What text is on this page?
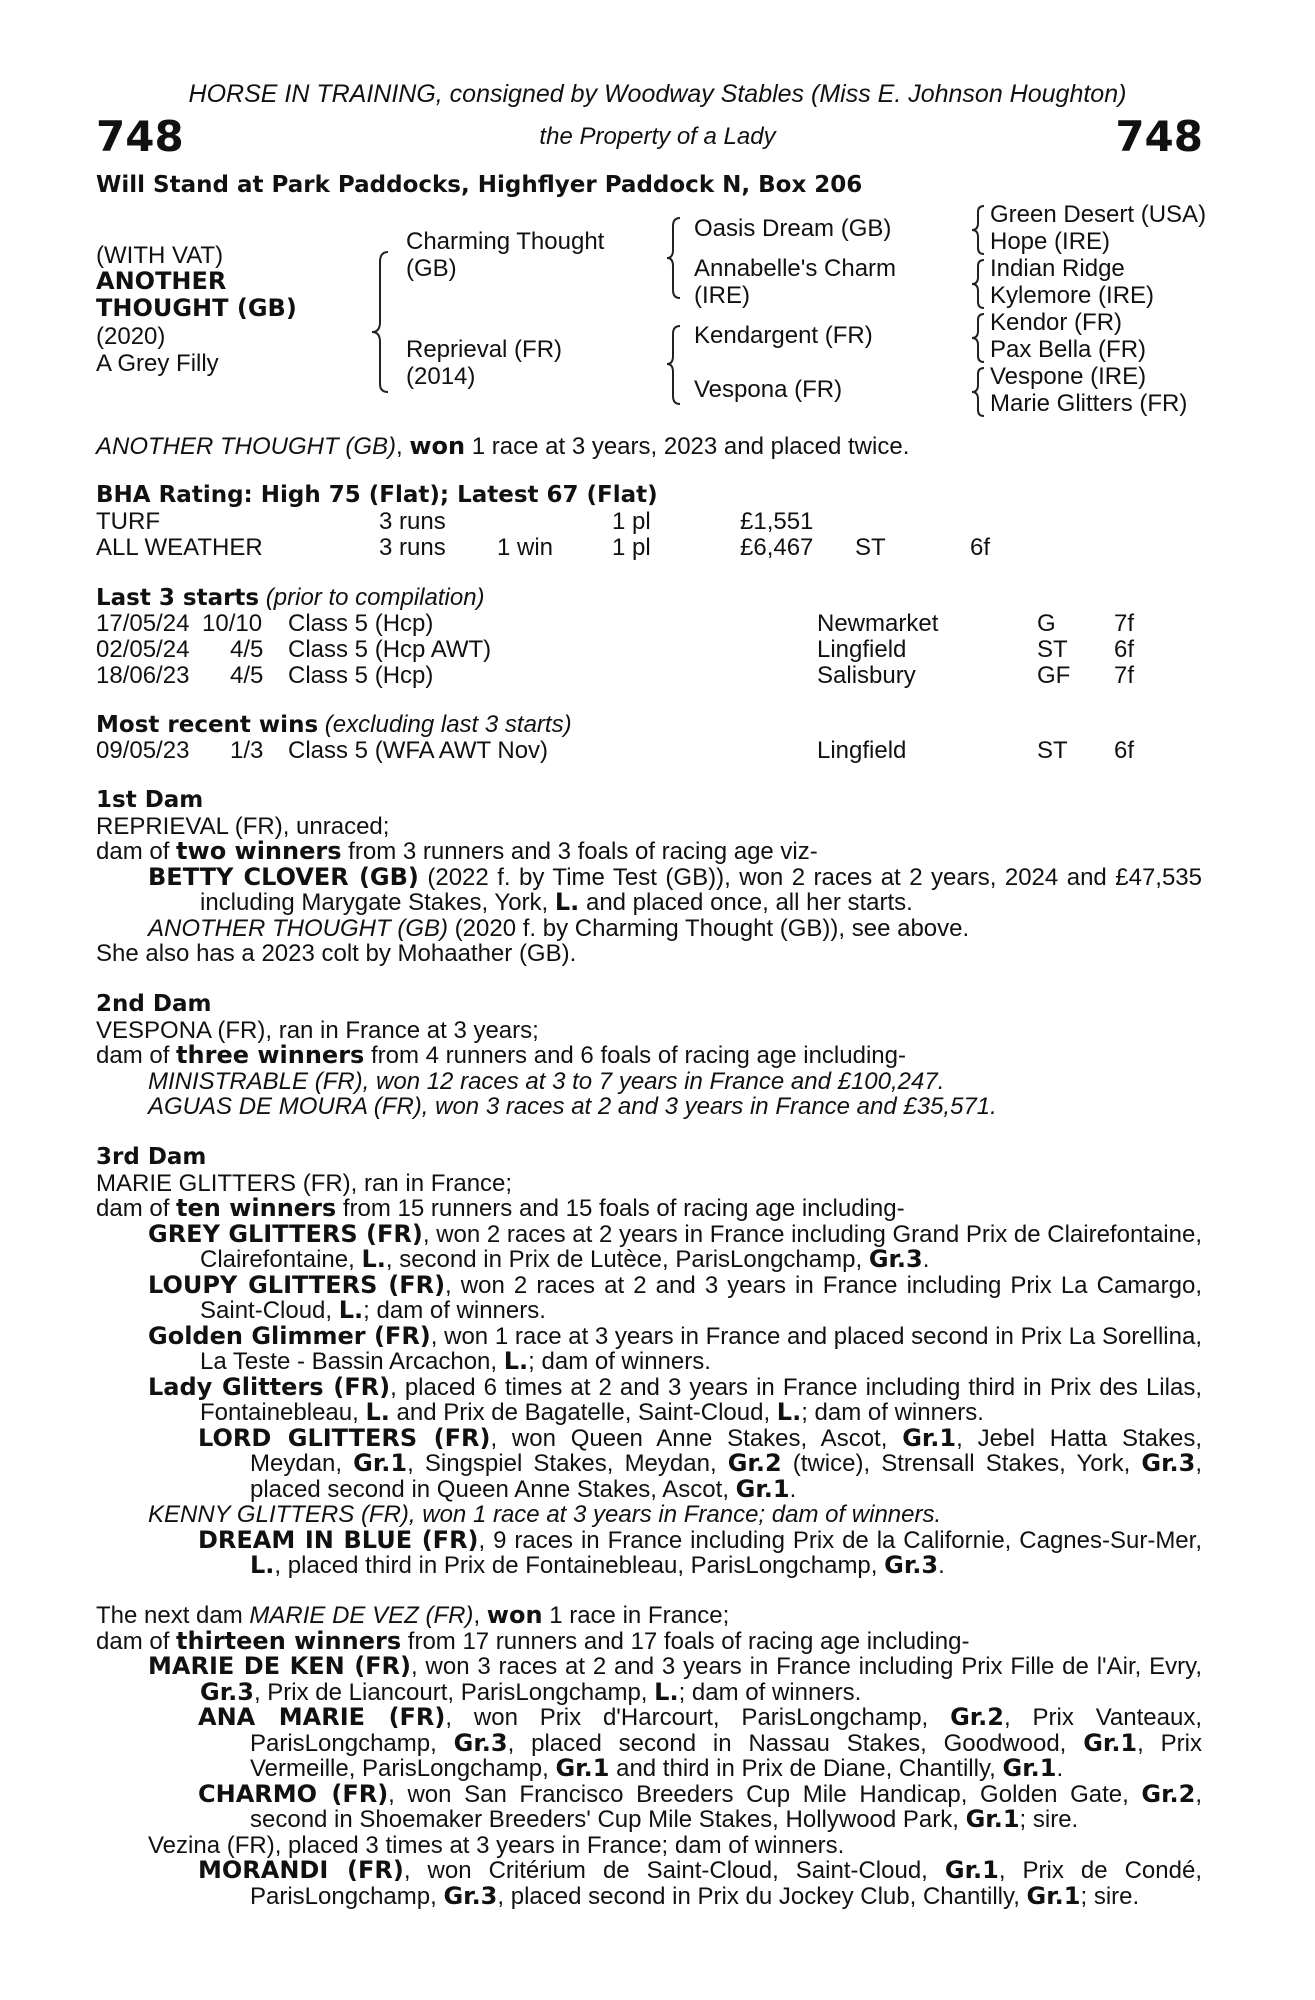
HORSE IN TRAINING, consigned by Woodway Stables (Miss E. Johnson Houghton)
748	748
the Property of a Lady
Will Stand at Park Paddocks, Highflyer Paddock N, Box 206
(WITH VAT)
ANOTHER
THOUGHT (GB)
(2020)
A Grey Filly
Charming Thought
(GB)
Reprieval (FR)
(2014)
Oasis Dream (GB)
Annabelle's Charm
(IRE)
Kendargent (FR)
Vespona (FR)
Green Desert (USA)
Hope (IRE)
Indian Ridge
Kylemore (IRE)
Kendor (FR)
Pax Bella (FR)
Vespone (IRE)
Marie Glitters (FR)
ANOTHER THOUGHT (GB), won 1 race at 3 years, 2023 and placed twice.
BHA Rating: High 75 (Flat); Latest 67 (Flat)
TURF	3 runs	1 pl	£1,551
ALL WEATHER	3 runs 1 win 1 pl	£6,467 ST	6f
Last 3 starts (prior to compilation)
17/05/24 10/10 Class 5 (Hcp)	Newmarket	G 7f
02/05/24 4/5 Class 5 (Hcp AWT)	Lingfield	ST 6f
18/06/23 4/5 Class 5 (Hcp)	Salisbury	GF 7f
Most recent wins (excluding last 3 starts)
09/05/23 1/3 Class 5 (WFA AWT Nov)	Lingfield	ST 6f

1st Dam

REPRIEVAL (FR), unraced;

dam of two winners from 3 runners and 3 foals of racing age viz-

BETTY CLOVER (GB) (2022 f. by Time Test (GB)), won 2 races at 2 years, 2024 and £47,535 including Marygate Stakes, York, L. and placed once, all her starts.

ANOTHER THOUGHT (GB) (2020 f. by Charming Thought (GB)), see above.

She also has a 2023 colt by Mohaather (GB).

2nd Dam

VESPONA (FR), ran in France at 3 years;

dam of three winners from 4 runners and 6 foals of racing age including-

MINISTRABLE (FR), won 12 races at 3 to 7 years in France and £100,247.

AGUAS DE MOURA (FR), won 3 races at 2 and 3 years in France and £35,571.

3rd Dam

MARIE GLITTERS (FR), ran in France;

dam of ten winners from 15 runners and 15 foals of racing age including-

GREY GLITTERS (FR), won 2 races at 2 years in France including Grand Prix de Clairefontaine, Clairefontaine, L., second in Prix de Lutèce, ParisLongchamp, Gr.3.

LOUPY GLITTERS (FR), won 2 races at 2 and 3 years in France including Prix La Camargo, Saint-Cloud, L.; dam of winners.

Golden Glimmer (FR), won 1 race at 3 years in France and placed second in Prix La Sorellina, La Teste - Bassin Arcachon, L.; dam of winners.

Lady Glitters (FR), placed 6 times at 2 and 3 years in France including third in Prix des Lilas, Fontainebleau, L. and Prix de Bagatelle, Saint-Cloud, L.; dam of winners.

LORD GLITTERS (FR), won Queen Anne Stakes, Ascot, Gr.1, Jebel Hatta Stakes, Meydan, Gr.1, Singspiel Stakes, Meydan, Gr.2 (twice), Strensall Stakes, York, Gr.3, placed second in Queen Anne Stakes, Ascot, Gr.1.

KENNY GLITTERS (FR), won 1 race at 3 years in France; dam of winners.

DREAM IN BLUE (FR), 9 races in France including Prix de la Californie, Cagnes-Sur-Mer, L., placed third in Prix de Fontainebleau, ParisLongchamp, Gr.3.

The next dam MARIE DE VEZ (FR), won 1 race in France;

dam of thirteen winners from 17 runners and 17 foals of racing age including-

MARIE DE KEN (FR), won 3 races at 2 and 3 years in France including Prix Fille de l'Air, Evry, Gr.3, Prix de Liancourt, ParisLongchamp, L.; dam of winners.

ANA MARIE (FR), won Prix d'Harcourt, ParisLongchamp, Gr.2, Prix Vanteaux, ParisLongchamp, Gr.3, placed second in Nassau Stakes, Goodwood, Gr.1, Prix Vermeille, ParisLongchamp, Gr.1 and third in Prix de Diane, Chantilly, Gr.1.

CHARMO (FR), won San Francisco Breeders Cup Mile Handicap, Golden Gate, Gr.2, second in Shoemaker Breeders' Cup Mile Stakes, Hollywood Park, Gr.1; sire.

Vezina (FR), placed 3 times at 3 years in France; dam of winners.

MORANDI (FR), won Critérium de Saint-Cloud, Saint-Cloud, Gr.1, Prix de Condé, ParisLongchamp, Gr.3, placed second in Prix du Jockey Club, Chantilly, Gr.1; sire.
